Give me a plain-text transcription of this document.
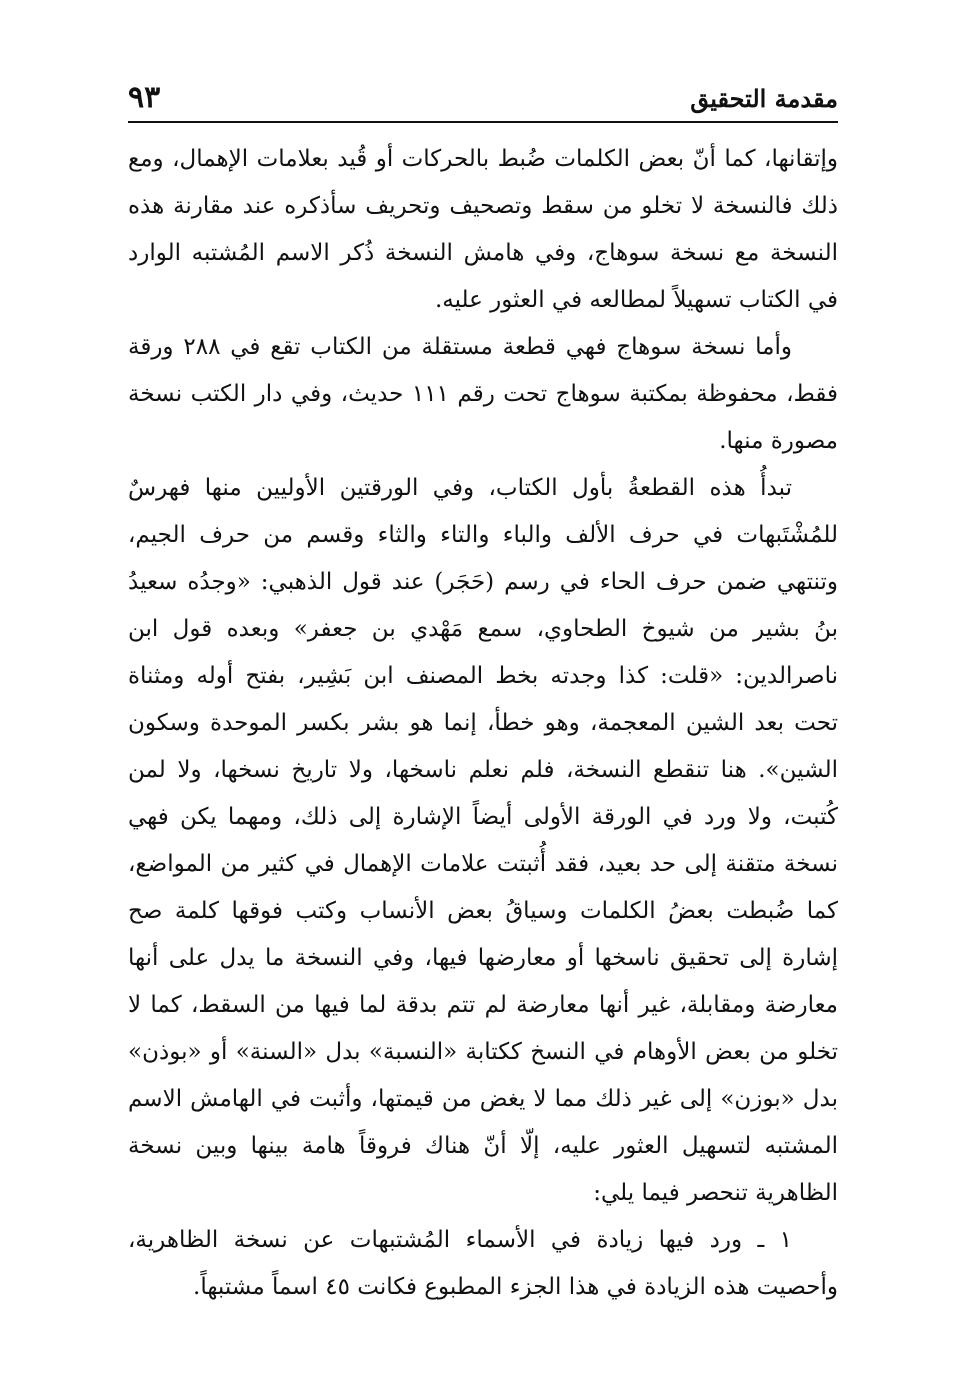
مقدمة التحقيق
٩٣

وإتقانها، كما أنّ بعض الكلمات ضُبط بالحركات أو قُيد بعلامات الإهمال، ومع ذلك فالنسخة لا تخلو من سقط وتصحيف وتحريف سأذكره عند مقارنة هذه النسخة مع نسخة سوهاج، وفي هامش النسخة ذُكر الاسم المُشتبه الوارد في الكتاب تسهيلاً لمطالعه في العثور عليه.

وأما نسخة سوهاج فهي قطعة مستقلة من الكتاب تقع في ٢٨٨ ورقة فقط، محفوظة بمكتبة سوهاج تحت رقم ١١١ حديث، وفي دار الكتب نسخة مصورة منها.

تبدأُ هذه القطعةُ بأول الكتاب، وفي الورقتين الأوليين منها فهرسٌ للمُشْتَبهات في حرف الألف والباء والتاء والثاء وقسم من حرف الجيم، وتنتهي ضمن حرف الحاء في رسم (حَجَر) عند قول الذهبي: «وجدُه سعيدُ بنُ بشير من شيوخ الطحاوي، سمع مَهْدي بن جعفر» وبعده قول ابن ناصرالدين: «قلت: كذا وجدته بخط المصنف ابن بَشِير، بفتح أوله ومثناة تحت بعد الشين المعجمة، وهو خطأ، إنما هو بشر بكسر الموحدة وسكون الشين». هنا تنقطع النسخة، فلم نعلم ناسخها، ولا تاريخ نسخها، ولا لمن كُتبت، ولا ورد في الورقة الأولى أيضاً الإشارة إلى ذلك، ومهما يكن فهي نسخة متقنة إلى حد بعيد، فقد أُثبتت علامات الإهمال في كثير من المواضع، كما ضُبطت بعضُ الكلمات وسياقُ بعض الأنساب وكتب فوقها كلمة صح إشارة إلى تحقيق ناسخها أو معارضها فيها، وفي النسخة ما يدل على أنها معارضة ومقابلة، غير أنها معارضة لم تتم بدقة لما فيها من السقط، كما لا تخلو من بعض الأوهام في النسخ ككتابة «النسبة» بدل «السنة» أو «بوذن» بدل «بوزن» إلى غير ذلك مما لا يغض من قيمتها، وأثبت في الهامش الاسم المشتبه لتسهيل العثور عليه، إلّا أنّ هناك فروقاً هامة بينها وبين نسخة الظاهرية تنحصر فيما يلي:

١ ـ ورد فيها زيادة في الأسماء المُشتبهات عن نسخة الظاهرية، وأحصيت هذه الزيادة في هذا الجزء المطبوع فكانت ٤٥ اسماً مشتبهاً.
